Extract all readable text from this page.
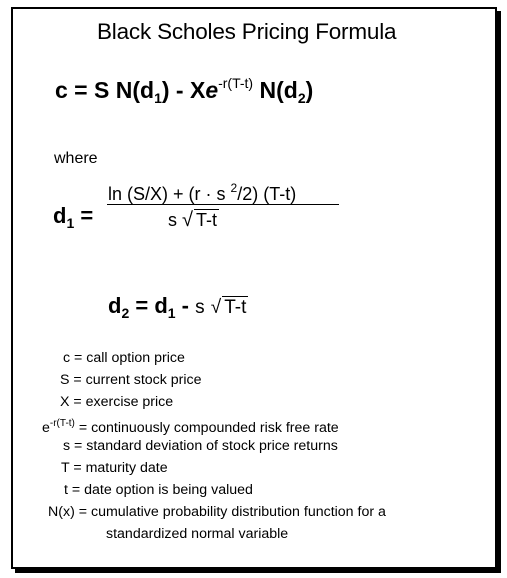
Black Scholes Pricing Formula
c = S $N(d_1) - Xe^{-r(T-t)}$ $N(d_2)$
where
$d_1$ =
ln (S/X) + (r · s $^2$/2) (T-t)
s √ T-t
$d_2 = d_1 - s$ √ T-t
c = call option price
S = current stock price
X = exercise price
$e^{-r(T-t)}$ = continuously compounded risk free rate
s = standard deviation of stock price returns
T = maturity date
t = date option is being valued
N(x) = cumulative probability distribution function for a
standardized normal variable
